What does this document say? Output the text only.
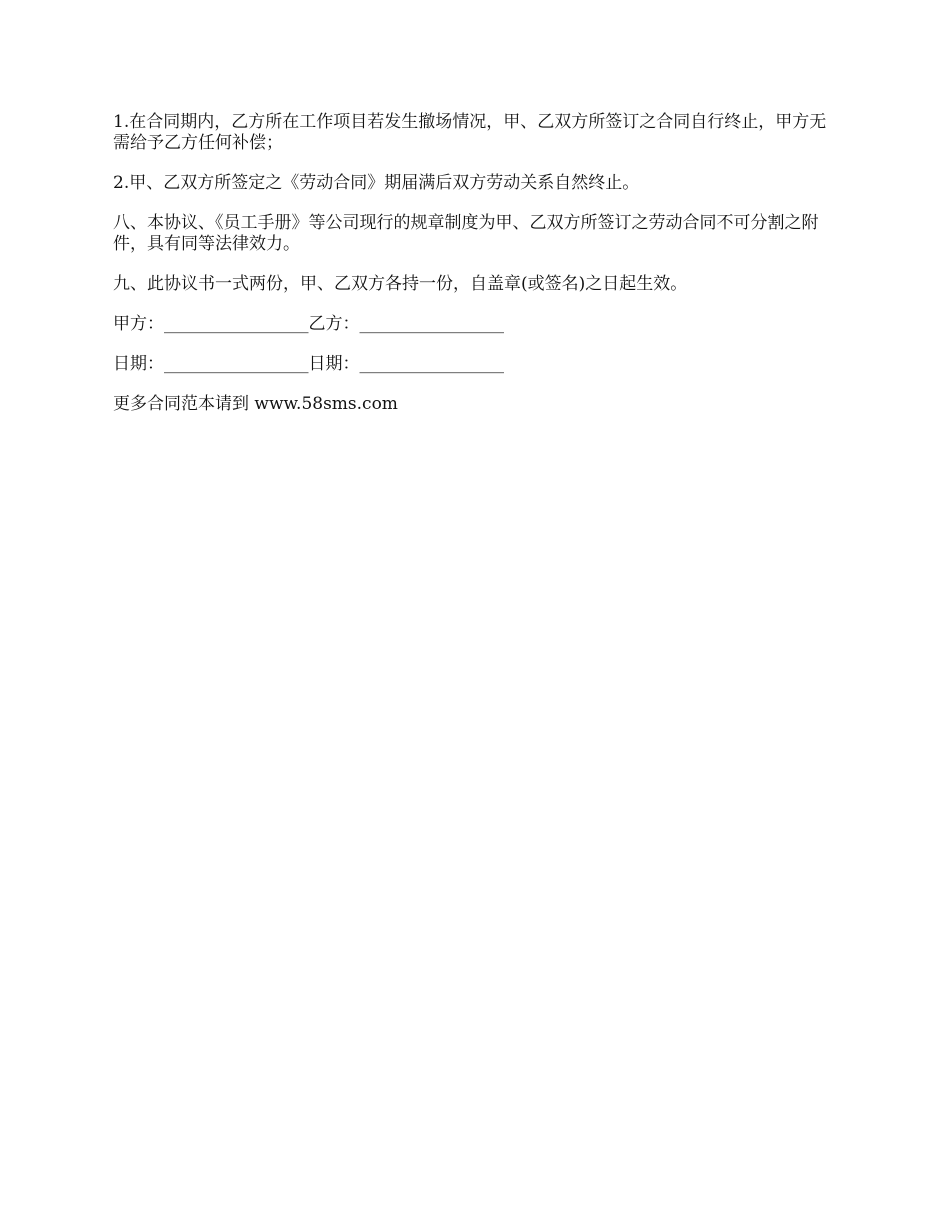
1.在合同期内，乙方所在工作项目若发生撤场情况，甲、乙双方所签订之合同自行终止，甲方无需给予乙方任何补偿；

2.甲、乙双方所签定之《劳动合同》期届满后双方劳动关系自然终止。

八、本协议、《员工手册》等公司现行的规章制度为甲、乙双方所签订之劳动合同不可分割之附件，具有同等法律效力。

九、此协议书一式两份，甲、乙双方各持一份，自盖章(或签名)之日起生效。

甲方：_________________乙方：_________________
日期：_________________日期：_________________

更多合同范本请到 www.58sms.com
